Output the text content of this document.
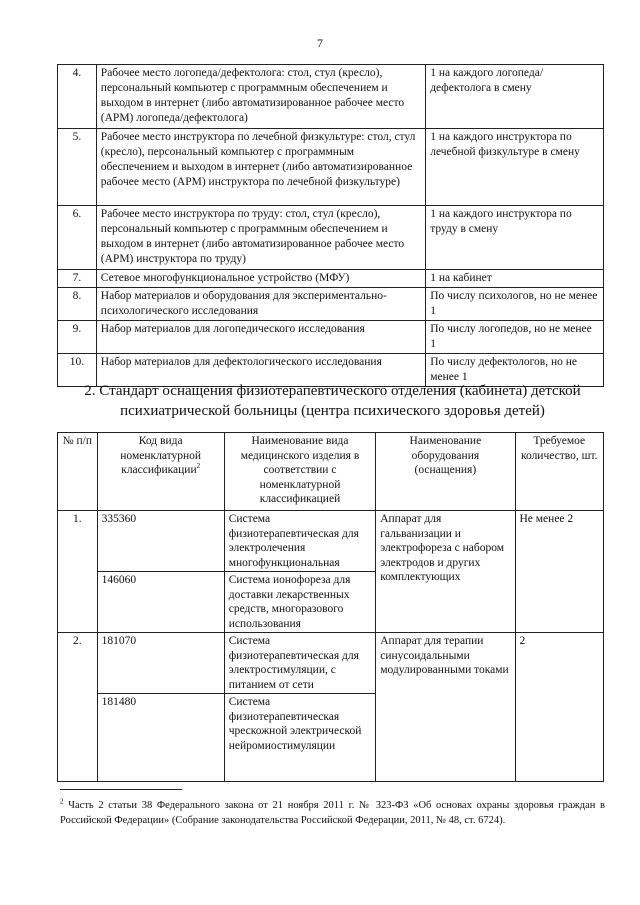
7
4.	Рабочее место логопеда/дефектолога: стол, стул (кресло), персональный компьютер с программным обеспечением и выходом в интернет (либо автоматизированное рабочее место (АРМ) логопеда/дефектолога)	1 на каждого логопеда/дефектолога в смену
5.	Рабочее место инструктора по лечебной физкультуре: стол, стул (кресло), персональный компьютер с программным обеспечением и выходом в интернет (либо автоматизированное рабочее место (АРМ) инструктора по лечебной физкультуре)	1 на каждого инструктора по лечебной физкультуре в смену
6.	Рабочее место инструктора по труду: стол, стул (кресло), персональный компьютер с программным обеспечением и выходом в интернет (либо автоматизированное рабочее место (АРМ) инструктора по труду)	1 на каждого инструктора по труду в смену
7.	Сетевое многофункциональное устройство (МФУ)	1 на кабинет
8.	Набор материалов и оборудования для экспериментально-психологического исследования	По числу психологов, но не менее 1
9.	Набор материалов для логопедического исследования	По числу логопедов, но не менее 1
10.	Набор материалов для дефектологического исследования	По числу дефектологов, но не менее 1
2. Стандарт оснащения физиотерапевтического отделения (кабинета) детской психиатрической больницы (центра психического здоровья детей)
№ п/п	Код вида номенклатурной классификации$^2$	Наименование вида медицинского изделия в соответствии с номенклатурной классификацией	Наименование оборудования (оснащения)	Требуемое количество, шт.
1.	335360	Система физиотерапевтическая для электролечения многофункциональная	Аппарат для гальванизации и электрофореза с набором электродов и других комплектующих	Не менее 2
	146060	Система ионофореза для доставки лекарственных средств, многоразового использования		
2.	181070	Система физиотерапевтическая для электростимуляции, с питанием от сети	Аппарат для терапии синусоидальными модулированными токами	2
	181480	Система физиотерапевтическая чрескожной электрической нейромиостимуляции		
$^2$ Часть 2 статьи 38 Федерального закона от 21 ноября 2011 г. № 323-ФЗ «Об основах охраны здоровья граждан в Российской Федерации» (Собрание законодательства Российской Федерации, 2011, № 48, ст. 6724).
